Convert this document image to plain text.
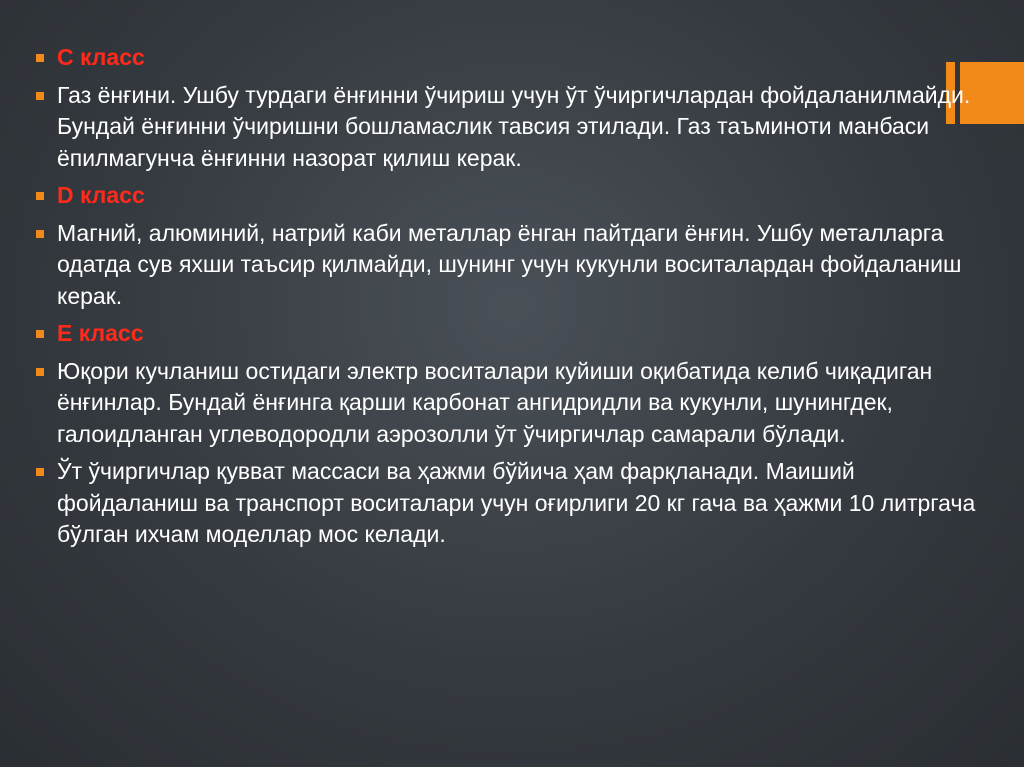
С класс
Газ ёнғини. Ушбу турдаги ёнғинни ўчириш учун ўт ўчиргичлардан фойдаланилмайди. Бундай ёнғинни ўчиришни бошламаслик тавсия этилади. Газ таъминоти манбаси ёпилмагунча ёнғинни назорат қилиш керак.
D класс
Магний, алюминий, натрий каби металлар ёнган пайтдаги ёнғин. Ушбу металларга одатда сув яхши таъсир қилмайди, шунинг учун кукунли воситалардан фойдаланиш керак.
Е класс
Юқори кучланиш остидаги электр воситалари куйиши оқибатида келиб чиқадиган ёнғинлар. Бундай ёнғинга қарши карбонат ангидридли ва кукунли, шунингдек, галоидланган углеводородли аэрозолли ўт ўчиргичлар самарали бўлади.
Ўт ўчиргичлар қувват массаси ва ҳажми бўйича ҳам фарқланади. Маиший фойдаланиш ва транспорт воситалари учун оғирлиги 20 кг гача ва ҳажми 10 литргача бўлган ихчам моделлар мос келади.
